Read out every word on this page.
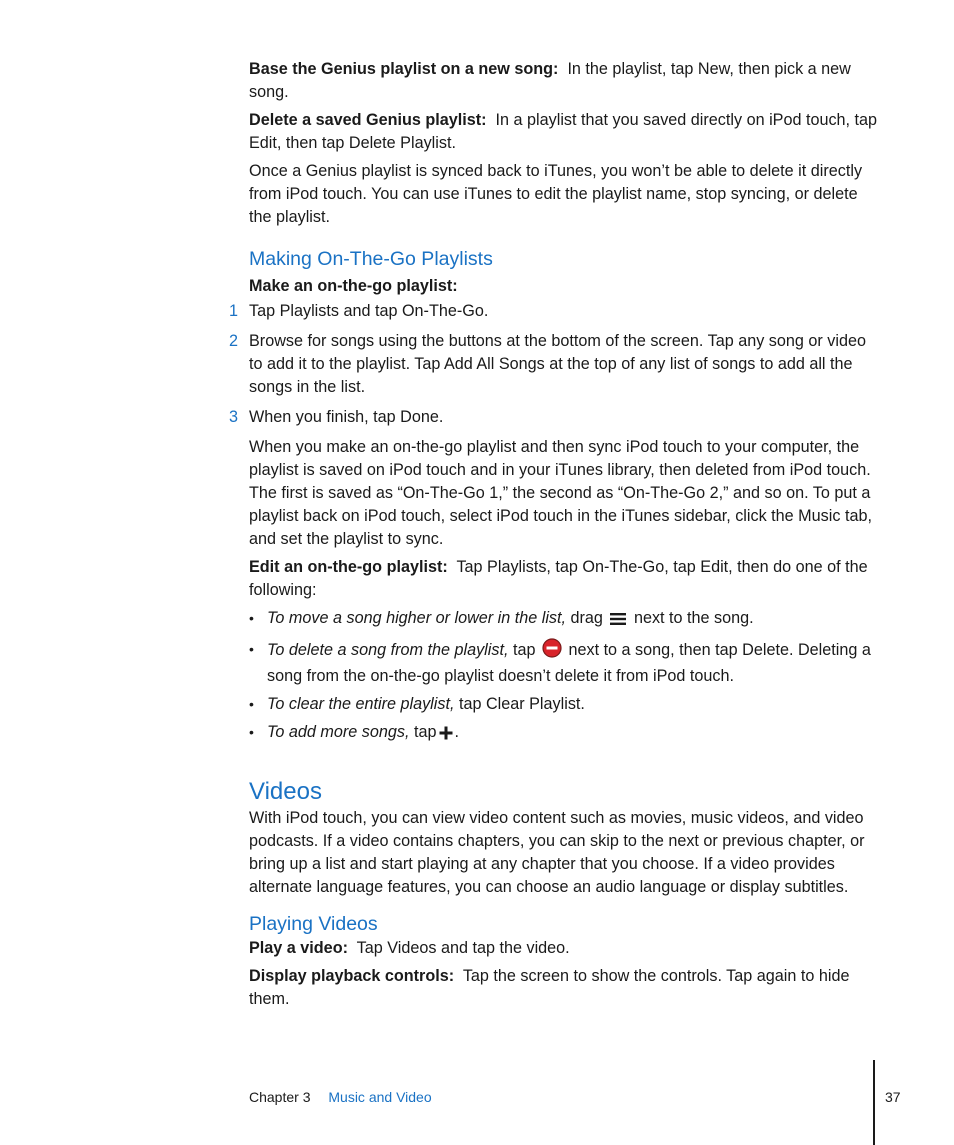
Base the Genius playlist on a new song: In the playlist, tap New, then pick a new song.

Delete a saved Genius playlist: In a playlist that you saved directly on iPod touch, tap Edit, then tap Delete Playlist.

Once a Genius playlist is synced back to iTunes, you won’t be able to delete it directly from iPod touch. You can use iTunes to edit the playlist name, stop syncing, or delete the playlist.

Making On-The-Go Playlists

Make an on-the-go playlist:

1 Tap Playlists and tap On-The-Go.

2 Browse for songs using the buttons at the bottom of the screen. Tap any song or video to add it to the playlist. Tap Add All Songs at the top of any list of songs to add all the songs in the list.

3 When you finish, tap Done.

When you make an on-the-go playlist and then sync iPod touch to your computer, the playlist is saved on iPod touch and in your iTunes library, then deleted from iPod touch. The first is saved as “On-The-Go 1,” the second as “On-The-Go 2,” and so on. To put a playlist back on iPod touch, select iPod touch in the iTunes sidebar, click the Music tab, and set the playlist to sync.

Edit an on-the-go playlist: Tap Playlists, tap On-The-Go, tap Edit, then do one of the following:

• To move a song higher or lower in the list, drag next to the song.
• To delete a song from the playlist, tap next to a song, then tap Delete. Deleting a song from the on-the-go playlist doesn’t delete it from iPod touch.
• To clear the entire playlist, tap Clear Playlist.
• To add more songs, tap .
Videos

With iPod touch, you can view video content such as movies, music videos, and video podcasts. If a video contains chapters, you can skip to the next or previous chapter, or bring up a list and start playing at any chapter that you choose. If a video provides alternate language features, you can choose an audio language or display subtitles.

Playing Videos

Play a video: Tap Videos and tap the video.

Display playback controls: Tap the screen to show the controls. Tap again to hide them.

Chapter 3 Music and Video	37
